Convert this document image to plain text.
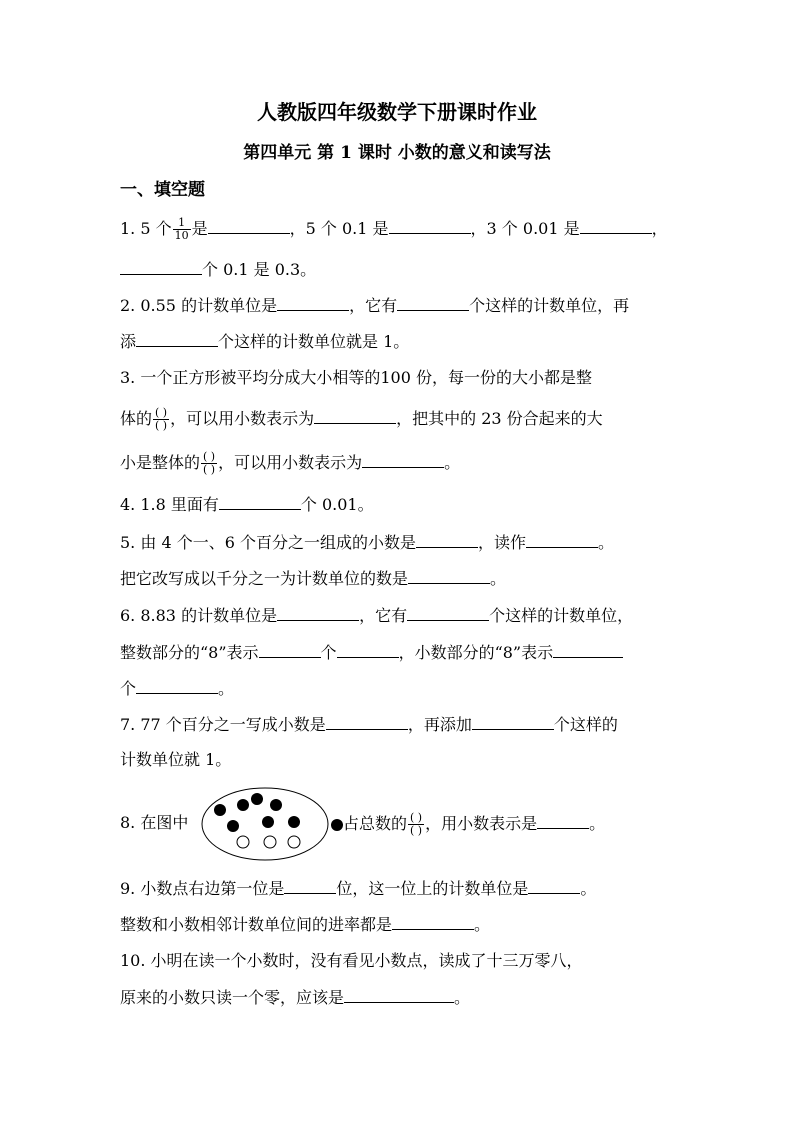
人教版四年级数学下册课时作业
第四单元 第 1 课时 小数的意义和读写法
一、填空题
1. 5 个 $\frac{1}{10}$ 是	，5 个 0.1 是	，3 个 0.01 是	，
个 0.1 是 0.3。
2. 0.55 的计数单位是	，它有	个这样的计数单位，再
添	个这样的计数单位就是 1。
3. 一个正方形被平均分成大小相等的100 份，每一份的大小都是整
体的 $\frac{( )}{( )}$ ，可以用小数表示为	，把其中的 23 份合起来的大
小是整体的 $\frac{( )}{( )}$ ，可以用小数表示为	。
4. 1.8 里面有	个 0.01。
5. 由 4 个一、6 个百分之一组成的小数是	，读作	。
把它改写成以千分之一为计数单位的数是	。
6. 8.83 的计数单位是	，它有	个这样的计数单位，
整数部分的“8”表示	个	，小数部分的“8”表示
个	。
7. 77 个百分之一写成小数是	，再添加	个这样的
计数单位就 1。
8. 在图中	占总数的 $\frac{( )}{( )}$ ，用小数表示是	。
9. 小数点右边第一位是	位，这一位上的计数单位是	。
整数和小数相邻计数单位间的进率都是	。
10. 小明在读一个小数时，没有看见小数点，读成了十三万零八，
原来的小数只读一个零，应该是	。
